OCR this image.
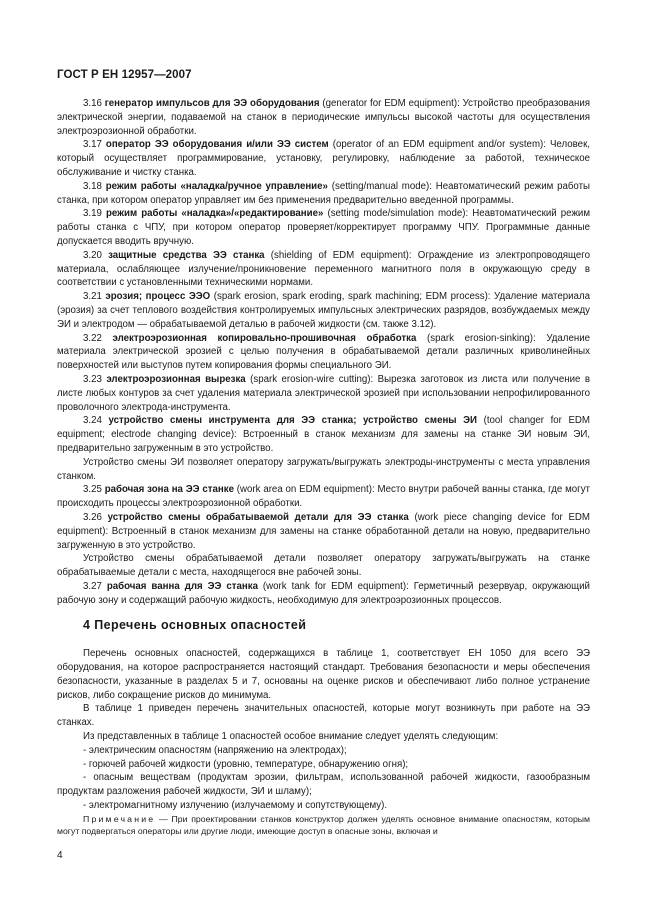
ГОСТ Р ЕН 12957—2007

3.16 генератор импульсов для ЭЭ оборудования (generator for EDM equipment): Устройство преобразования электрической энергии, подаваемой на станок в периодические импульсы высокой частоты для осуществления электроэрозионной обработки.

3.17 оператор ЭЭ оборудования и/или ЭЭ систем (operator of an EDM equipment and/or system): Человек, который осуществляет программирование, установку, регулировку, наблюдение за работой, техническое обслуживание и чистку станка.

3.18 режим работы «наладка/ручное управление» (setting/manual mode): Неавтоматический режим работы станка, при котором оператор управляет им без применения предварительно введенной программы.

3.19 режим работы «наладка»/«редактирование» (setting mode/simulation mode): Неавтоматический режим работы станка с ЧПУ, при котором оператор проверяет/корректирует программу ЧПУ. Программные данные допускается вводить вручную.

3.20 защитные средства ЭЭ станка (shielding of EDM equipment): Ограждение из электропроводящего материала, ослабляющее излучение/проникновение переменного магнитного поля в окружающую среду в соответствии с установленными техническими нормами.

3.21 эрозия; процесс ЭЭО (spark erosion, spark eroding, spark machining; EDM process): Удаление материала (эрозия) за счет теплового воздействия контролируемых импульсных электрических разрядов, возбуждаемых между ЭИ и электродом — обрабатываемой деталью в рабочей жидкости (см. также 3.12).

3.22 электроэрозионная копировально-прошивочная обработка (spark erosion-sinking): Удаление материала электрической эрозией с целью получения в обрабатываемой детали различных криволинейных поверхностей или выступов путем копирования формы специального ЭИ.

3.23 электроэрозионная вырезка (spark erosion-wire cutting): Вырезка заготовок из листа или получение в листе любых контуров за счет удаления материала электрической эрозией при использовании непрофилированного проволочного электрода-инструмента.

3.24 устройство смены инструмента для ЭЭ станка; устройство смены ЭИ (tool changer for EDM equipment; electrode changing device): Встроенный в станок механизм для замены на станке ЭИ новым ЭИ, предварительно загруженным в это устройство.

Устройство смены ЭИ позволяет оператору загружать/выгружать электроды-инструменты с места управления станком.

3.25 рабочая зона на ЭЭ станке (work area on EDM equipment): Место внутри рабочей ванны станка, где могут происходить процессы электроэрозионной обработки.

3.26 устройство смены обрабатываемой детали для ЭЭ станка (work piece changing device for EDM equipment): Встроенный в станок механизм для замены на станке обработанной детали на новую, предварительно загруженную в это устройство.

Устройство смены обрабатываемой детали позволяет оператору загружать/выгружать на станке обрабатываемые детали с места, находящегося вне рабочей зоны.

3.27 рабочая ванна для ЭЭ станка (work tank for EDM equipment): Герметичный резервуар, окружающий рабочую зону и содержащий рабочую жидкость, необходимую для электроэрозионных процессов.

4 Перечень основных опасностей

Перечень основных опасностей, содержащихся в таблице 1, соответствует ЕН 1050 для всего ЭЭ оборудования, на которое распространяется настоящий стандарт. Требования безопасности и меры обеспечения безопасности, указанные в разделах 5 и 7, основаны на оценке рисков и обеспечивают либо полное устранение рисков, либо сокращение рисков до минимума.

В таблице 1 приведен перечень значительных опасностей, которые могут возникнуть при работе на ЭЭ станках.

Из представленных в таблице 1 опасностей особое внимание следует уделять следующим:

- электрическим опасностям (напряжению на электродах);

- горючей рабочей жидкости (уровню, температуре, обнаружению огня);

- опасным веществам (продуктам эрозии, фильтрам, использованной рабочей жидкости, газообразным продуктам разложения рабочей жидкости, ЭИ и шламу);

- электромагнитному излучению (излучаемому и сопутствующему).

Примечание — При проектировании станков конструктор должен уделять основное внимание опасностям, которым могут подвергаться операторы или другие люди, имеющие доступ в опасные зоны, включая и

4
